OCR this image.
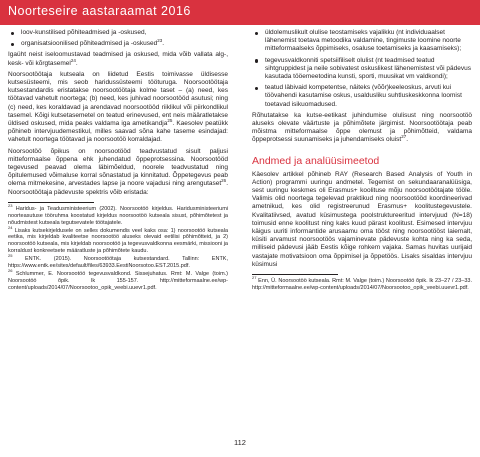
Noorteseire aastaraamat 2016
loov-kunstilised põhiteadmised ja -oskused,
organisatsioonilised põhiteadmised ja -oskused$^{23}$.

Igaüht neist iseloomustavad teadmised ja oskused, mida võib vallata alg-, kesk- või kõrgtasemel$^{24}$.

Noorsootöötaja kutseala on liidetud Eestis toimivasse üldisesse kutsesüsteemi, mis seob haridussüsteemi tööturuga. Noorsootöötaja kutsestandardis eristatakse noorsootöötaja kolme taset – (a) need, kes töötavad vahetult noortega; (b) need, kes juhivad noorsootööd asutusi; ning (c) need, kes koraldavad ja arendavad noorsootööd riiklikul või piirkondlikul tasemel. Kõigi kutsetasemetel on teatud erinevused, ent neis määratletakse üldised oskused, mida peaks valdama iga ametikandja$^{25}$. Kaesolev peatükk põhineb intervjuudemestikul, milles saavad sõna kahe taseme esindajad: vahetult noortega töötavad ja noorsootöö korraldajad.

Noorsootöö õpikus on noorsootööd teadvustatud sisult paljusi mitteformaalse õppena ehk juhendatud õppeprotsessina. Noorsootööd tegevused peavad olema läbimõeldud, noorele teadvustatud ning õpitulemused võimaluse korral sõnastatud ja kinnitatud. Õppetegevus peab olema mitmekesine, arvestades lapse ja noore vajadusi ning arengutaset$^{26}$. Noorsootöötaja pädevuste spektris võib eristada:

$^{23}$ Haridus- ja Teadusministeerium (2002). Noorsootöö kirjeldus. Haridusministeeriumi noorteasutuse tööruhma koostatud kirjeldus noorsootöö kutseala sisust, põhimõtetest ja nõudmistest kutseala tegutsevatele töötajatele.

$^{24}$ Lisaks kutsekirjeldusele on selles dokumendis veel kaks osa: 1) noorsootöö kutseala eetika, mis kirjeldab kvaliteetse noorsootöö aluseks olevaid eetilisi põhimõtteid, ja 2) noorsootöö kutseala, mis kirjeldab noorsootöö ja tegevusvaldkonna eesmärki, missiooni ja korraldust konkreetsete määratluste ja põhimõtete kaudu.

$^{25}$ ENTK. (2015). Noorsootöötaja kutsestandard. Tallinn: ENTK, https://www.entk.ee/sites/default/files/63933.EestiNoorsotoo.EST.2015.pdf.

$^{26}$ Schlummer, E. Noorsootöö tegevusvaldkond. Sissejuhatus. Rmt: M. Valge (toim.) Noorsootöö õpik. lk 155-157. http://mitteformaalne.ee/wp-content/uploads/2014/07/Noorsootoo_opik_veebi.uuevr1.pdf.

üldolemuslikult olulise teostamiseks vajalikku (nt individuaalset lähenemist toetava metoodika valdamine, tingimuste loomine noorte mitteformaalseks õppimiseks, osaluse toetamiseks ja kaasamiseks);
tegevusvaldkonniti spetsiifiliselt olulist (nt teadmised teatud sihtgruppidest ja neile sobivatest oskuslikest lähenemistest või pädevus kasutada tööemeetodina kunsti, sporti, muusikat vm valdkondi);
teatud läbivaid kompetentse, näiteks (võõr)keeleoskus, arvuti kui töövahendi kasutamise oskus, usaldusliku suhtluskeskkonna loomist toetavad isikuomadused.

Rõhutatakse ka kutse-eetikast juhindumise olulisust ning noorsootöö aluseks olevate väärtuste ja põhimõtete järgimist. Noorsootöötaja peab mõistma mitteformaalse õppe olemust ja põhimõtteid, valdama õppeprotsessi suunamiseks ja juhendamiseks oluist$^{27}$.

Andmed ja analüüsimeetod

Käesolev artikkel põhineb RAY (Research Based Analysis of Youth in Action) programmi uuringu andmetel. Tegemist on sekundaaranalüüsiga, sest uuringu keskmes oli Erasmus+ koolituse mõju noorsootöötajate tööle. Valimis olid noortega tegelevad praktikud ning noorsootööd koordineerivad ametnikud, kes olid registreerunud Erasmus+ koolitustegevustele. Kvalitatiivsed, avatud küsimustega poolstruktureeritud intervjuud (N=18) toimusid enne koolitust ning kaks kuud pärast koolitust. Esimesed intervjuu käigus uuriti informantide arusaamu oma tööst ning noorsootööst laiemalt, küsiti arvamust noorsootöös vajaminevate pädevuste kohta ning ka seda, milliseid pädevusi jääb Eestis kõige rohkem vajaka. Samas huvitas uurijaid vastajate motivatsioon oma õppimisel ja õppetöös. Lisaks sisaldas intervjuu küsimusi

$^{27}$ Enn, Ü. Noorsootöö kutseala. Rmt: M. Valge (toim.) Noorsootöö õpik. lk 23–27 / 23–33. http://mitteformaalne.ee/wp-content/uploads/2014/07/Noorsootoo_opik_veebi.uuevr1.pdf.

112
